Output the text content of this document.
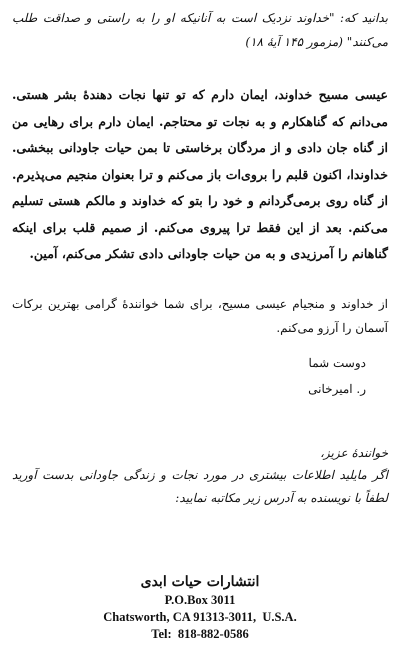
بدانید که: "خداوند نزدیک است به آنانیکه او را به راستی و صداقت طلب می‌کنند" (مزمور ۱۴۵ آیهٔ ۱۸)

عیسی مسیح خداوند، ایمان دارم که تو تنها نجات دهندهٔ بشر هستی. می‌دانم که گناهکارم و به نجات تو محتاجم. ایمان دارم برای رهایی من از گناه جان دادی و از مردگان برخاستی تا بمن حیات جاودانی ببخشی. خداوندا، اکنون قلبم را بروی‌ات باز می‌کنم و ترا بعنوان منجیم می‌پذیرم. از گناه روی برمی‌گردانم و خود را بتو که خداوند و مالکم هستی تسلیم می‌کنم. بعد از این فقط ترا پیروی می‌کنم. از صمیم قلب برای اینکه گناهانم را آمرزیدی و به من حیات جاودانی دادی تشکر می‌کنم، آمین.

از خداوند و منجیام عیسی مسیح، برای شما خوانندهٔ گرامی بهترین برکات آسمان را آرزو می‌کنم.

دوست شما
ر. امیرخانی
خوانندهٔ عزیز،

اگر مایلید اطلاعات بیشتری در مورد نجات و زندگی جاودانی بدست آورید لطفاً با نویسنده به آدرس زیر مکاتبه نمایید:

انتشارات حیات ابدی
P.O.Box 3011
Chatsworth, CA 91313-3011,  U.S.A.
Tel:  818-882-0586
